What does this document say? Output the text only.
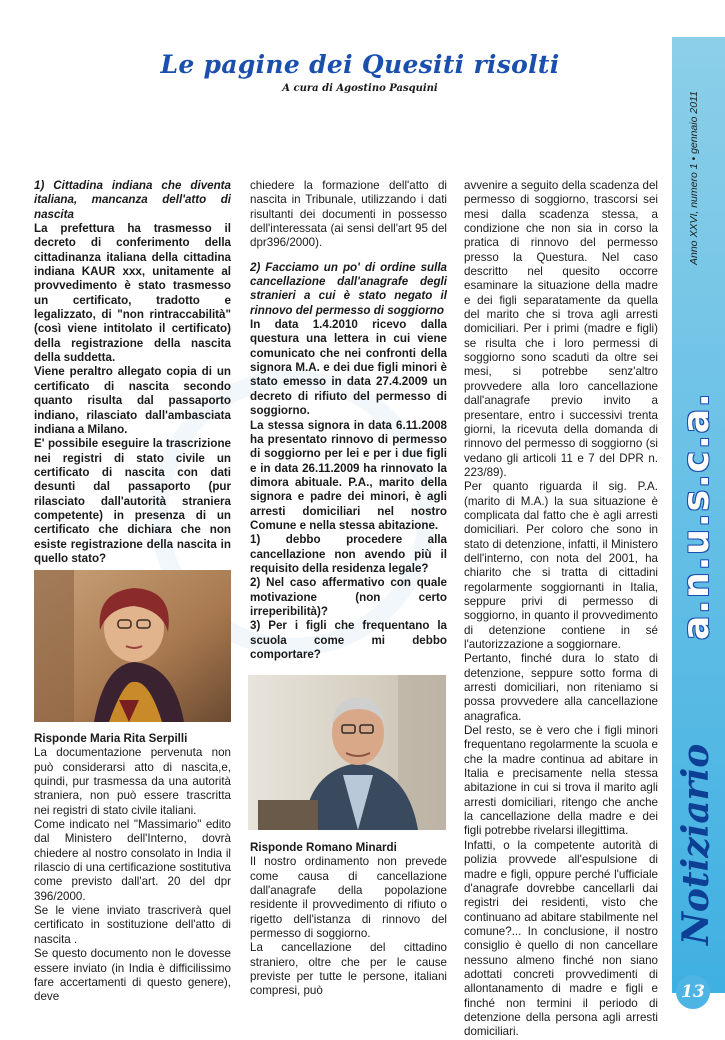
Le pagine dei Quesiti risolti
A cura di Agostino Pasquini

1) Cittadina indiana che diventa italiana, mancanza dell'atto di nascita

La prefettura ha trasmesso il decreto di conferimento della cittadinanza italiana della cittadina indiana KAUR xxx, unitamente al provvedimento è stato trasmesso un certificato, tradotto e legalizzato, di "non rintraccabilità" (così viene intitolato il certificato) della registrazione della nascita della suddetta.

Viene peraltro allegato copia di un certificato di nascita secondo quanto risulta dal passaporto indiano, rilasciato dall'ambasciata indiana a Milano.

E' possibile eseguire la trascrizione nei registri di stato civile un certificato di nascita con dati desunti dal passaporto (pur rilasciato dall'autorità straniera competente) in presenza di un certificato che dichiara che non esiste registrazione della nascita in quello stato?

Risponde Maria Rita Serpilli

La documentazione pervenuta non può considerarsi atto di nascita,e, quindi, pur trasmessa da una autorità straniera, non può essere trascritta nei registri di stato civile italiani.

Come indicato nel "Massimario" edito dal Ministero dell'Interno, dovrà chiedere al nostro consolato in India il rilascio di una certificazione sostitutiva come previsto dall'art. 20 del dpr 396/2000.

Se le viene inviato trascriverà quel certificato in sostituzione dell'atto di nascita .

Se questo documento non le dovesse essere inviato (in India è difficilissimo fare accertamenti di questo genere), deve

chiedere la formazione dell'atto di nascita in Tribunale, utilizzando i dati risultanti dei documenti in possesso dell'interessata (ai sensi dell'art 95 del dpr396/2000).

2) Facciamo un po' di ordine sulla cancellazione dall'anagrafe degli stranieri a cui è stato negato il rinnovo del permesso di soggiorno

In data 1.4.2010 ricevo dalla questura una lettera in cui viene comunicato che nei confronti della signora M.A. e dei due figli minori è stato emesso in data 27.4.2009 un decreto di rifiuto del permesso di soggiorno.

La stessa signora in data 6.11.2008 ha presentato rinnovo di permesso di soggiorno per lei e per i due figli e in data 26.11.2009 ha rinnovato la dimora abituale. P.A., marito della signora e padre dei minori, è agli arresti domiciliari nel nostro Comune e nella stessa abitazione.

1) debbo procedere alla cancellazione non avendo più il requisito della residenza legale?

2) Nel caso affermativo con quale motivazione (non certo irreperibilità)?

3) Per i figli che frequentano la scuola come mi debbo comportare?

Risponde Romano Minardi

Il nostro ordinamento non prevede come causa di cancellazione dall'anagrafe della popolazione residente il provvedimento di rifiuto o rigetto dell'istanza di rinnovo del permesso di soggiorno.

La cancellazione del cittadino straniero, oltre che per le cause previste per tutte le persone, italiani compresi, può

avvenire a seguito della scadenza del permesso di soggiorno, trascorsi sei mesi dalla scadenza stessa, a condizione che non sia in corso la pratica di rinnovo del permesso presso la Questura. Nel caso descritto nel quesito occorre esaminare la situazione della madre e dei figli separatamente da quella del marito che si trova agli arresti domiciliari. Per i primi (madre e figli) se risulta che i loro permessi di soggiorno sono scaduti da oltre sei mesi, si potrebbe senz'altro provvedere alla loro cancellazione dall'anagrafe previo invito a presentare, entro i successivi trenta giorni, la ricevuta della domanda di rinnovo del permesso di soggiorno (si vedano gli articoli 11 e 7 del DPR n. 223/89).

Per quanto riguarda il sig. P.A. (marito di M.A.) la sua situazione è complicata dal fatto che è agli arresti domiciliari. Per coloro che sono in stato di detenzione, infatti, il Ministero dell'interno, con nota del 2001, ha chiarito che si tratta di cittadini regolarmente soggiornanti in Italia, seppure privi di permesso di soggiorno, in quanto il provvedimento di detenzione contiene in sé l'autorizzazione a soggiornare.

Pertanto, finché dura lo stato di detenzione, seppure sotto forma di arresti domiciliari, non riteniamo si possa provvedere alla cancellazione anagrafica.

Del resto, se è vero che i figli minori frequentano regolarmente la scuola e che la madre continua ad abitare in Italia e precisamente nella stessa abitazione in cui si trova il marito agli arresti domiciliari, ritengo che anche la cancellazione della madre e dei figli potrebbe rivelarsi illegittima.

Infatti, o la competente autorità di polizia provvede all'espulsione di madre e figli, oppure perché l'ufficiale d'anagrafe dovrebbe cancellarli dai registri dei residenti, visto che continuano ad abitare stabilmente nel comune?... In conclusione, il nostro consiglio è quello di non cancellare nessuno almeno finché non siano adottati concreti provvedimenti di allontanamento di madre e figli e finché non termini il periodo di detenzione della persona agli arresti domiciliari.

Anno XXVI, numero 1 • gennaio 2011
a.n.u.s.c.a.
Notiziario
13
